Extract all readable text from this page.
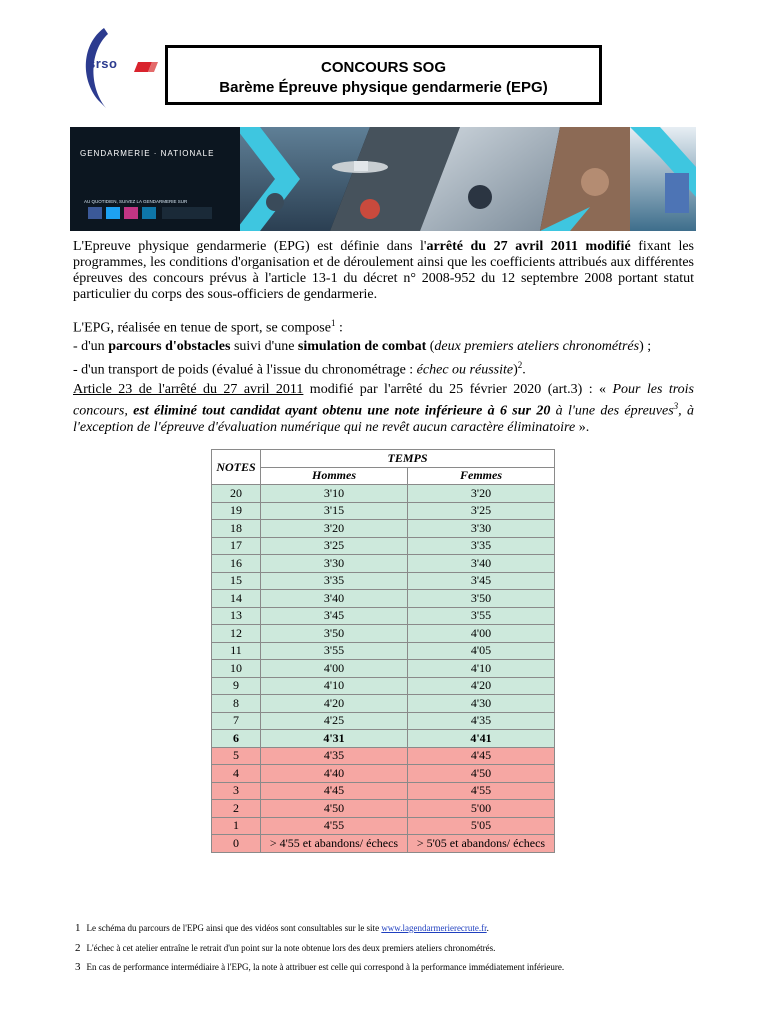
srso	CONCOURS SOG
Barème Épreuve physique gendarmerie (EPG)
GENDARMERIE · NATIONALE
AU QUOTIDIEN, SUIVEZ LA GENDARMERIE SUR
L'Epreuve physique gendarmerie (EPG) est définie dans l'arrêté du 27 avril 2011 modifié fixant les programmes, les conditions d'organisation et de déroulement ainsi que les coefficients attribués aux différentes épreuves des concours prévus à l'article 13-1 du décret n° 2008-952 du 12 septembre 2008 portant statut particulier du corps des sous-officiers de gendarmerie.
L'EPG, réalisée en tenue de sport, se compose$^1$ :
- d'un parcours d'obstacles suivi d'une simulation de combat (deux premiers ateliers chronométrés) ;
- d'un transport de poids (évalué à l'issue du chronométrage : échec ou réussite)$^2$.
Article 23 de l'arrêté du 27 avril 2011 modifié par l'arrêté du 25 février 2020 (art.3) : « Pour les trois concours, est éliminé tout candidat ayant obtenu une note inférieure à 6 sur 20 à l'une des épreuves$^3$, à l'exception de l'épreuve d'évaluation numérique qui ne revêt aucun caractère éliminatoire ».
NOTES	TEMPS	
	Hommes	Femmes
20	3'10	3'20
19	3'15	3'25
18	3'20	3'30
17	3'25	3'35
16	3'30	3'40
15	3'35	3'45
14	3'40	3'50
13	3'45	3'55
12	3'50	4'00
11	3'55	4'05
10	4'00	4'10
9	4'10	4'20
8	4'20	4'30
7	4'25	4'35
6	4'31	4'41
5	4'35	4'45
4	4'40	4'50
3	4'45	4'55
2	4'50	5'00
1	4'55	5'05
0	> 4'55 et abandons/ échecs	> 5'05 et abandons/ échecs
1 Le schéma du parcours de l'EPG ainsi que des vidéos sont consultables sur le site www.lagendarmerierecrute.fr.
2 L'échec à cet atelier entraîne le retrait d'un point sur la note obtenue lors des deux premiers ateliers chronométrés.
3 En cas de performance intermédiaire à l'EPG, la note à attribuer est celle qui correspond à la performance immédiatement inférieure.
